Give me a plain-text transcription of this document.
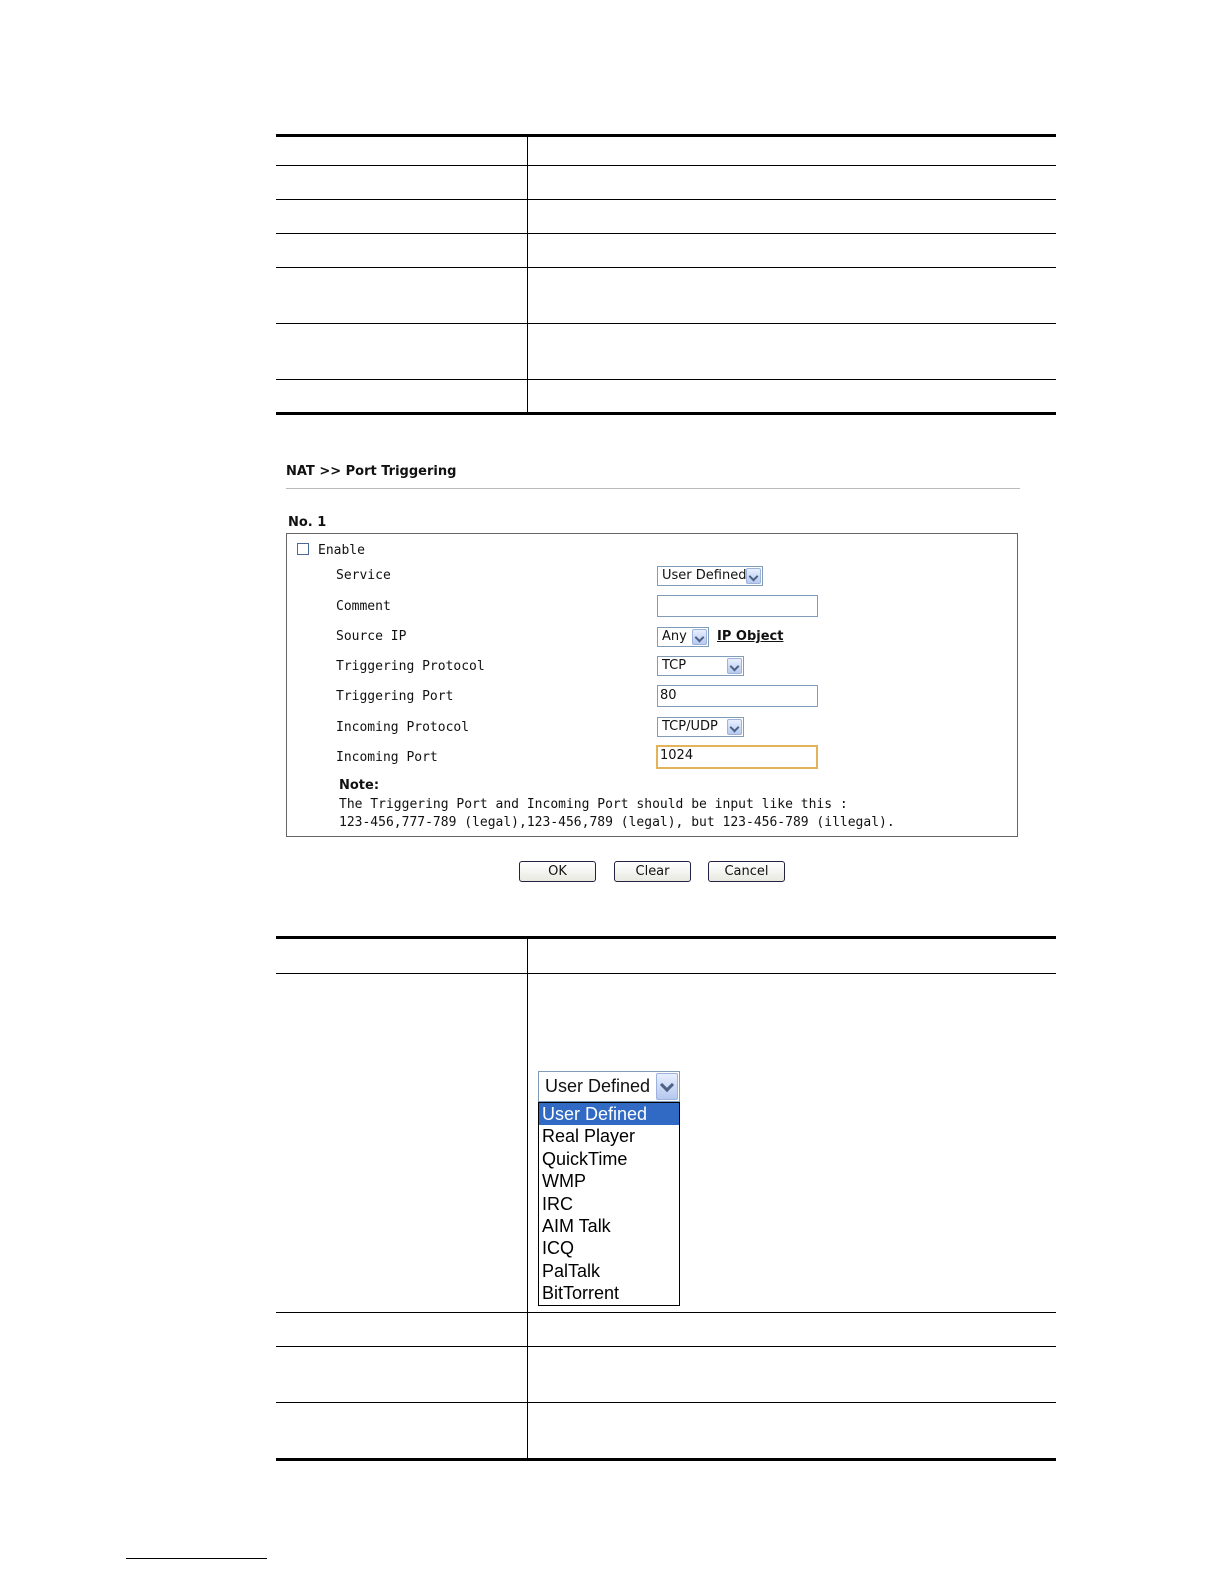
NAT >> Port Triggering
No. 1
Enable
Service	User Defined
Comment
Source IP	Any	IP Object
Triggering Protocol	TCP
Triggering Port	80
Incoming Protocol	TCP/UDP
Incoming Port	1024
Note:
The Triggering Port and Incoming Port should be input like this :
123-456,777-789 (legal),123-456,789 (legal), but 123-456-789 (illegal).
OK	Clear	Cancel
User Defined
User Defined
Real Player
QuickTime
WMP
IRC
AIM Talk
ICQ
PalTalk
BitTorrent
